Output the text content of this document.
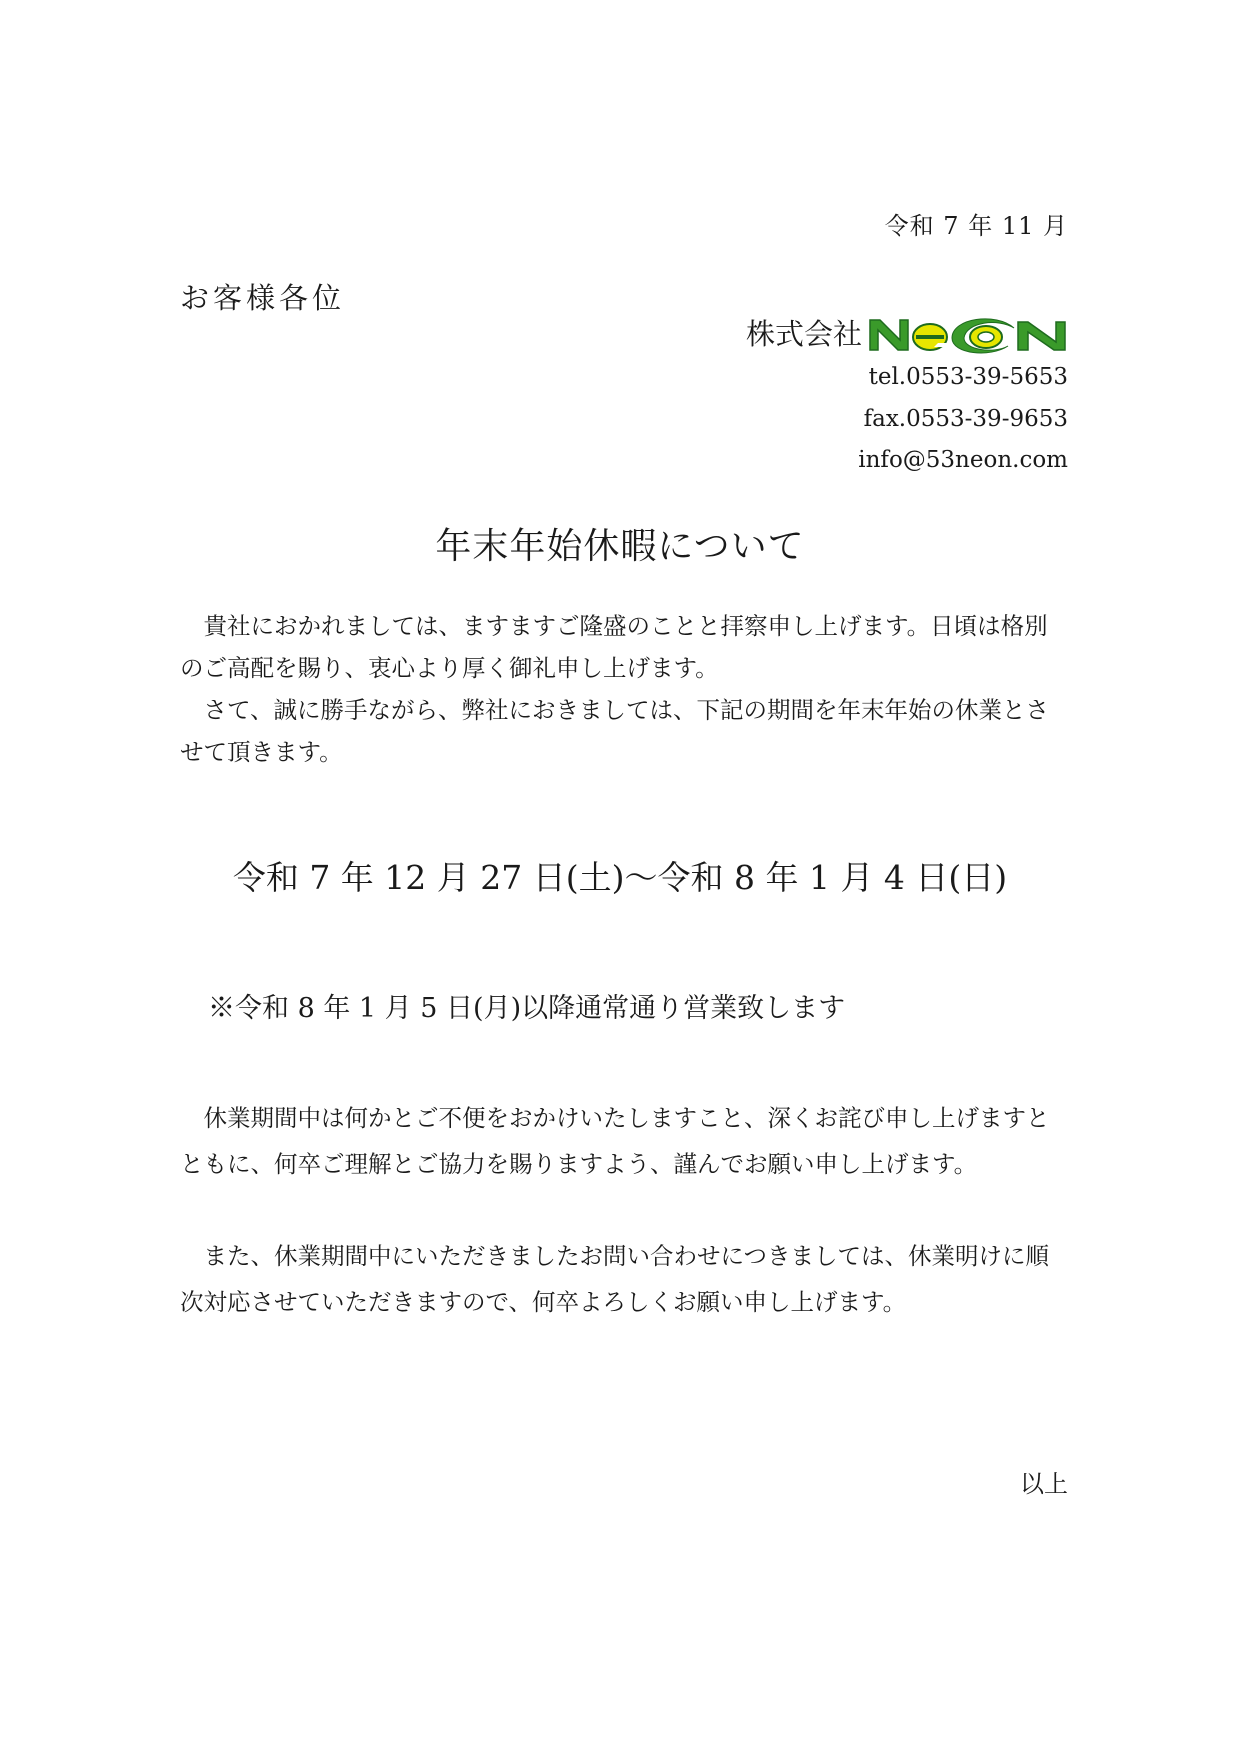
令和 7 年 11 月
お客様各位
株式会社
tel.0553-39-5653
fax.0553-39-9653
info@53neon.com
年末年始休暇について
貴社におかれましては、ますますご隆盛のことと拝察申し上げます。日頃は格別のご高配を賜り、衷心より厚く御礼申し上げます。
さて、誠に勝手ながら、弊社におきましては、下記の期間を年末年始の休業とさせて頂きます。
令和 7 年 12 月 27 日(土)～令和 8 年 1 月 4 日(日)
※令和 8 年 1 月 5 日(月)以降通常通り営業致します
休業期間中は何かとご不便をおかけいたしますこと、深くお詫び申し上げますとともに、何卒ご理解とご協力を賜りますよう、謹んでお願い申し上げます。
また、休業期間中にいただきましたお問い合わせにつきましては、休業明けに順次対応させていただきますので、何卒よろしくお願い申し上げます。
以上
